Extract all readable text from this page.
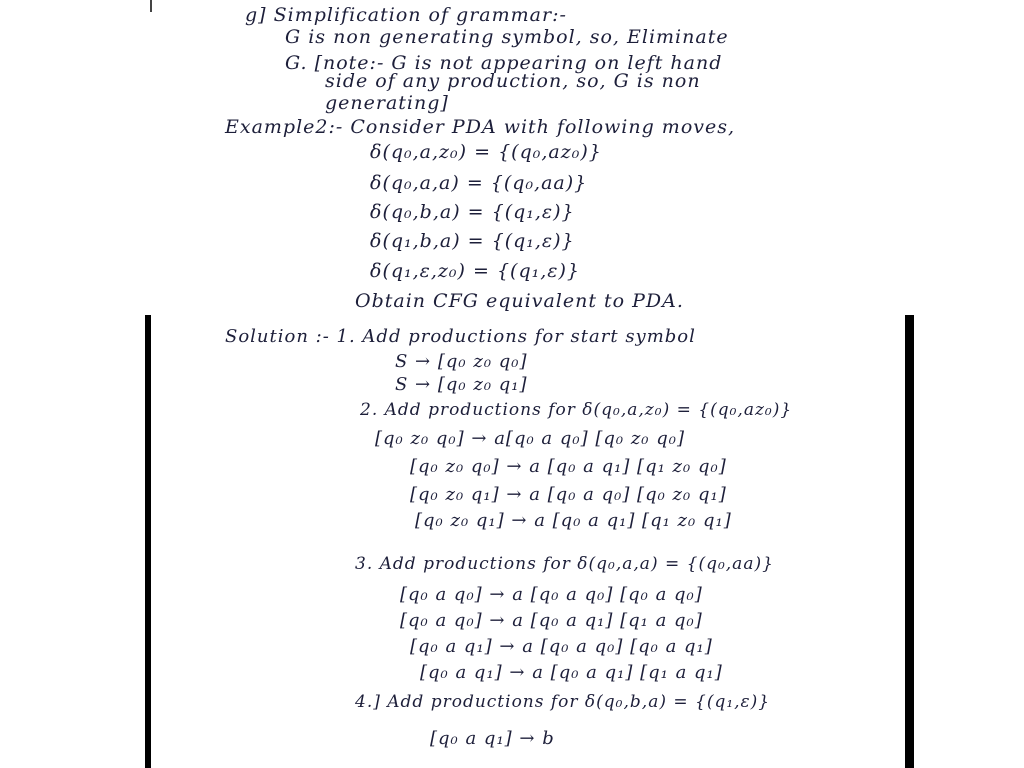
g] Simplification of grammar:-

G is non generating symbol, so, Eliminate

G. [note:- G is not appearing on left hand

side of any production, so, G is non

generating]

Example2:- Consider PDA with following moves,

δ(q₀,a,z₀) = {(q₀,az₀)}

δ(q₀,a,a) = {(q₀,aa)}

δ(q₀,b,a) = {(q₁,ε)}

δ(q₁,b,a) = {(q₁,ε)}

δ(q₁,ε,z₀) = {(q₁,ε)}

Obtain CFG equivalent to PDA.

Solution :- 1. Add productions for start symbol

S → [q₀ z₀ q₀]

S → [q₀ z₀ q₁]

2. Add productions for δ(q₀,a,z₀) = {(q₀,az₀)}

[q₀ z₀ q₀] → a[q₀ a q₀] [q₀ z₀ q₀]

[q₀ z₀ q₀] → a [q₀ a q₁] [q₁ z₀ q₀]

[q₀ z₀ q₁] → a [q₀ a q₀] [q₀ z₀ q₁]

[q₀ z₀ q₁] → a [q₀ a q₁] [q₁ z₀ q₁]

3. Add productions for δ(q₀,a,a) = {(q₀,aa)}

[q₀ a q₀] → a [q₀ a q₀] [q₀ a q₀]

[q₀ a q₀] → a [q₀ a q₁] [q₁ a q₀]

[q₀ a q₁] → a [q₀ a q₀] [q₀ a q₁]

[q₀ a q₁] → a [q₀ a q₁] [q₁ a q₁]

4.] Add productions for δ(q₀,b,a) = {(q₁,ε)}

[q₀ a q₁] → b
